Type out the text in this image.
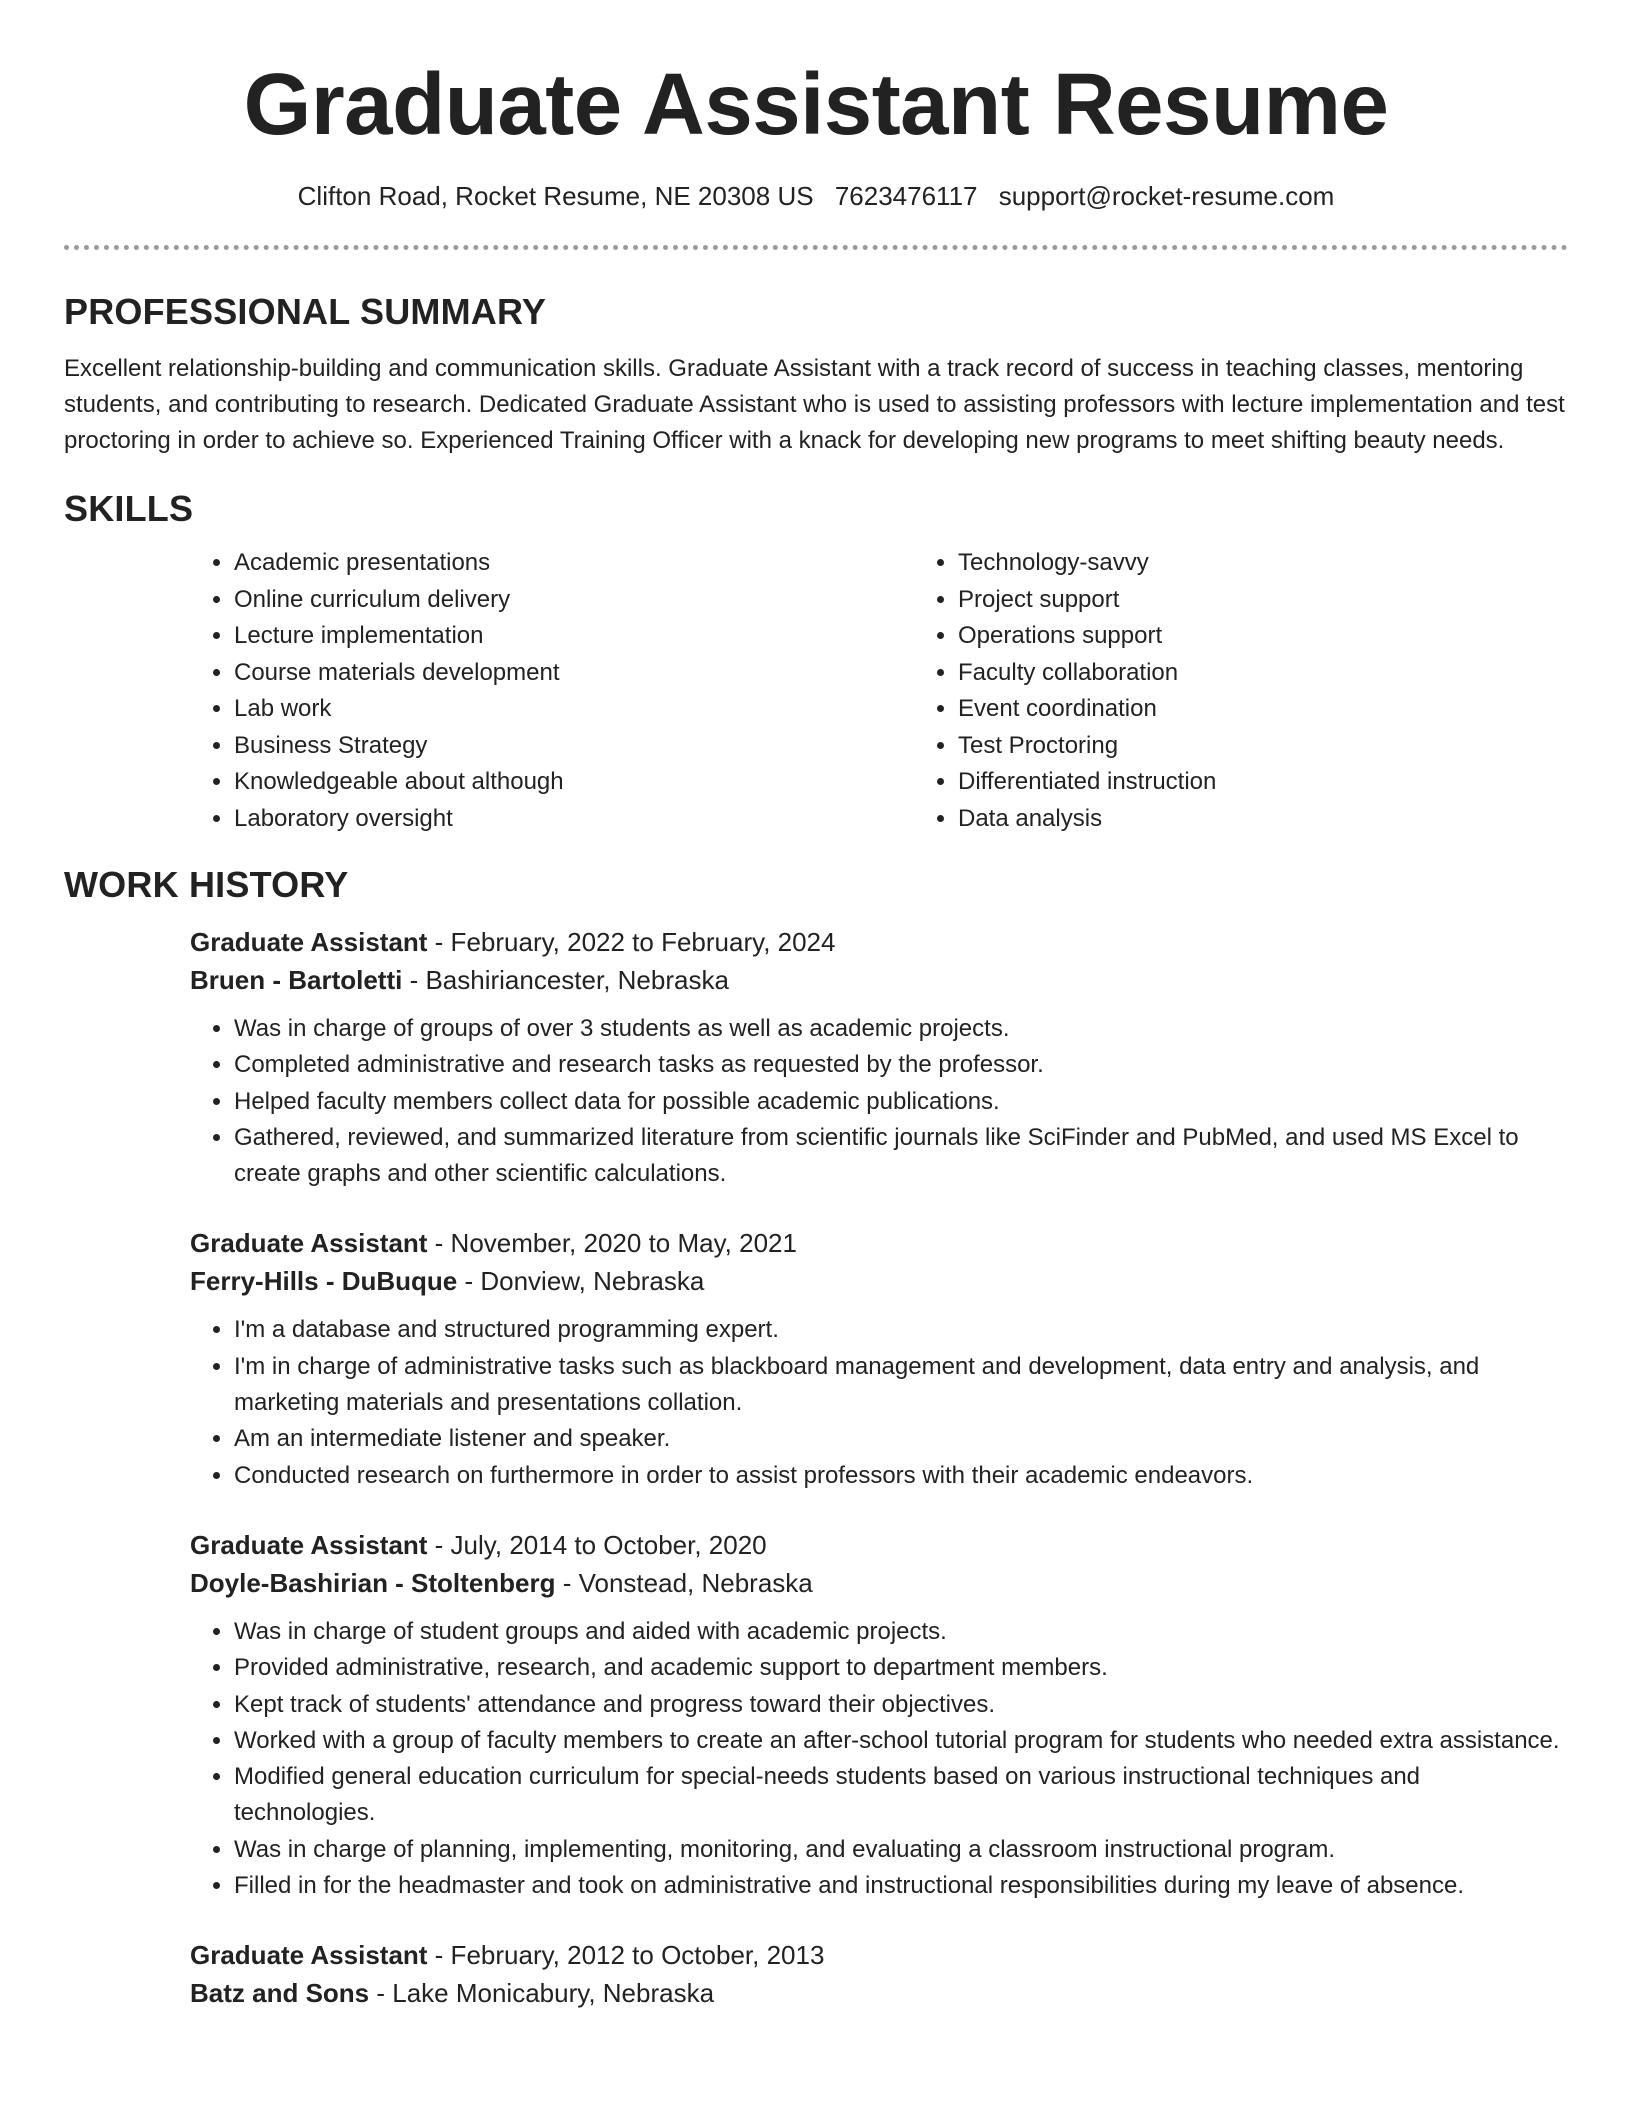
Graduate Assistant Resume
Clifton Road, Rocket Resume, NE 20308 US 7623476117 support@rocket-resume.com
PROFESSIONAL SUMMARY

Excellent relationship-building and communication skills. Graduate Assistant with a track record of success in teaching classes, mentoring students, and contributing to research. Dedicated Graduate Assistant who is used to assisting professors with lecture implementation and test proctoring in order to achieve so. Experienced Training Officer with a knack for developing new programs to meet shifting beauty needs.

SKILLS
• Academic presentations
• Online curriculum delivery
• Lecture implementation
• Course materials development
• Lab work
• Business Strategy
• Knowledgeable about although
• Laboratory oversight
• Technology-savvy
• Project support
• Operations support
• Faculty collaboration
• Event coordination
• Test Proctoring
• Differentiated instruction
• Data analysis
WORK HISTORY
Graduate Assistant - February, 2022 to February, 2024
Bruen - Bartoletti - Bashiriancester, Nebraska
• Was in charge of groups of over 3 students as well as academic projects.
• Completed administrative and research tasks as requested by the professor.
• Helped faculty members collect data for possible academic publications.
• Gathered, reviewed, and summarized literature from scientific journals like SciFinder and PubMed, and used MS Excel to create graphs and other scientific calculations.
Graduate Assistant - November, 2020 to May, 2021
Ferry-Hills - DuBuque - Donview, Nebraska
• I'm a database and structured programming expert.
• I'm in charge of administrative tasks such as blackboard management and development, data entry and analysis, and marketing materials and presentations collation.
• Am an intermediate listener and speaker.
• Conducted research on furthermore in order to assist professors with their academic endeavors.
Graduate Assistant - July, 2014 to October, 2020
Doyle-Bashirian - Stoltenberg - Vonstead, Nebraska
• Was in charge of student groups and aided with academic projects.
• Provided administrative, research, and academic support to department members.
• Kept track of students' attendance and progress toward their objectives.
• Worked with a group of faculty members to create an after-school tutorial program for students who needed extra assistance.
• Modified general education curriculum for special-needs students based on various instructional techniques and technologies.
• Was in charge of planning, implementing, monitoring, and evaluating a classroom instructional program.
• Filled in for the headmaster and took on administrative and instructional responsibilities during my leave of absence.
Graduate Assistant - February, 2012 to October, 2013
Batz and Sons - Lake Monicabury, Nebraska
